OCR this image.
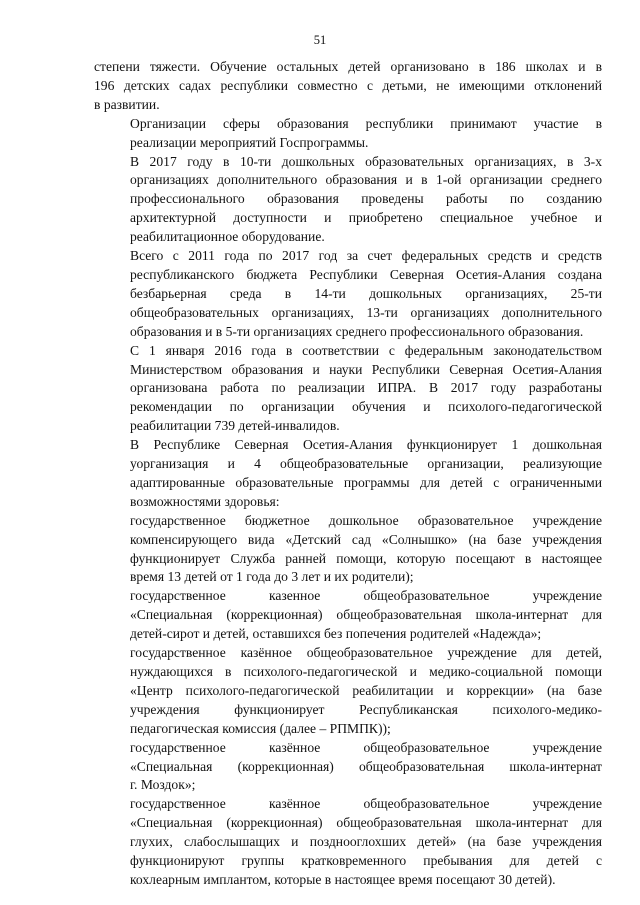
51
степени тяжести. Обучение остальных детей организовано в 186 школах и в
196 детских садах республики совместно с детьми, не имеющими отклонений
в развитии.
Организации сферы образования республики принимают участие в
реализации мероприятий Госпрограммы.
В 2017 году в 10-ти дошкольных образовательных организациях, в 3-х
организациях дополнительного образования и в 1-ой организации среднего
профессионального образования проведены работы по созданию
архитектурной доступности и приобретено специальное учебное и
реабилитационное оборудование.
Всего с 2011 года по 2017 год за счет федеральных средств и средств
республиканского бюджета Республики Северная Осетия-Алания создана
безбарьерная среда в 14-ти дошкольных организациях, 25-ти
общеобразовательных организациях, 13-ти организациях дополнительного
образования и в 5-ти организациях среднего профессионального образования.
С 1 января 2016 года в соответствии с федеральным законодательством
Министерством образования и науки Республики Северная Осетия-Алания
организована работа по реализации ИПРА. В 2017 году разработаны
рекомендации по организации обучения и психолого-педагогической
реабилитации 739 детей-инвалидов.
В Республике Северная Осетия-Алания функционирует 1 дошкольная
уорганизация и 4 общеобразовательные организации, реализующие
адаптированные образовательные программы для детей с ограниченными
возможностями здоровья:
государственное бюджетное дошкольное образовательное учреждение
компенсирующего вида «Детский сад «Солнышко» (на базе учреждения
функционирует Служба ранней помощи, которую посещают в настоящее
время 13 детей от 1 года до 3 лет и их родители);
государственное казенное общеобразовательное учреждение
«Специальная (коррекционная) общеобразовательная школа-интернат для
детей-сирот и детей, оставшихся без попечения родителей «Надежда»;
государственное казённое общеобразовательное учреждение для детей,
нуждающихся в психолого-педагогической и медико-социальной помощи
«Центр психолого-педагогической реабилитации и коррекции» (на базе
учреждения функционирует Республиканская психолого-медико-
педагогическая комиссия (далее – РПМПК));
государственное казённое общеобразовательное учреждение
«Специальная (коррекционная) общеобразовательная школа-интернат
г. Моздок»;
государственное казённое общеобразовательное учреждение
«Специальная (коррекционная) общеобразовательная школа-интернат для
глухих, слабослышащих и позднооглохших детей» (на базе учреждения
функционируют группы кратковременного пребывания для детей с
кохлеарным имплантом, которые в настоящее время посещают 30 детей).
